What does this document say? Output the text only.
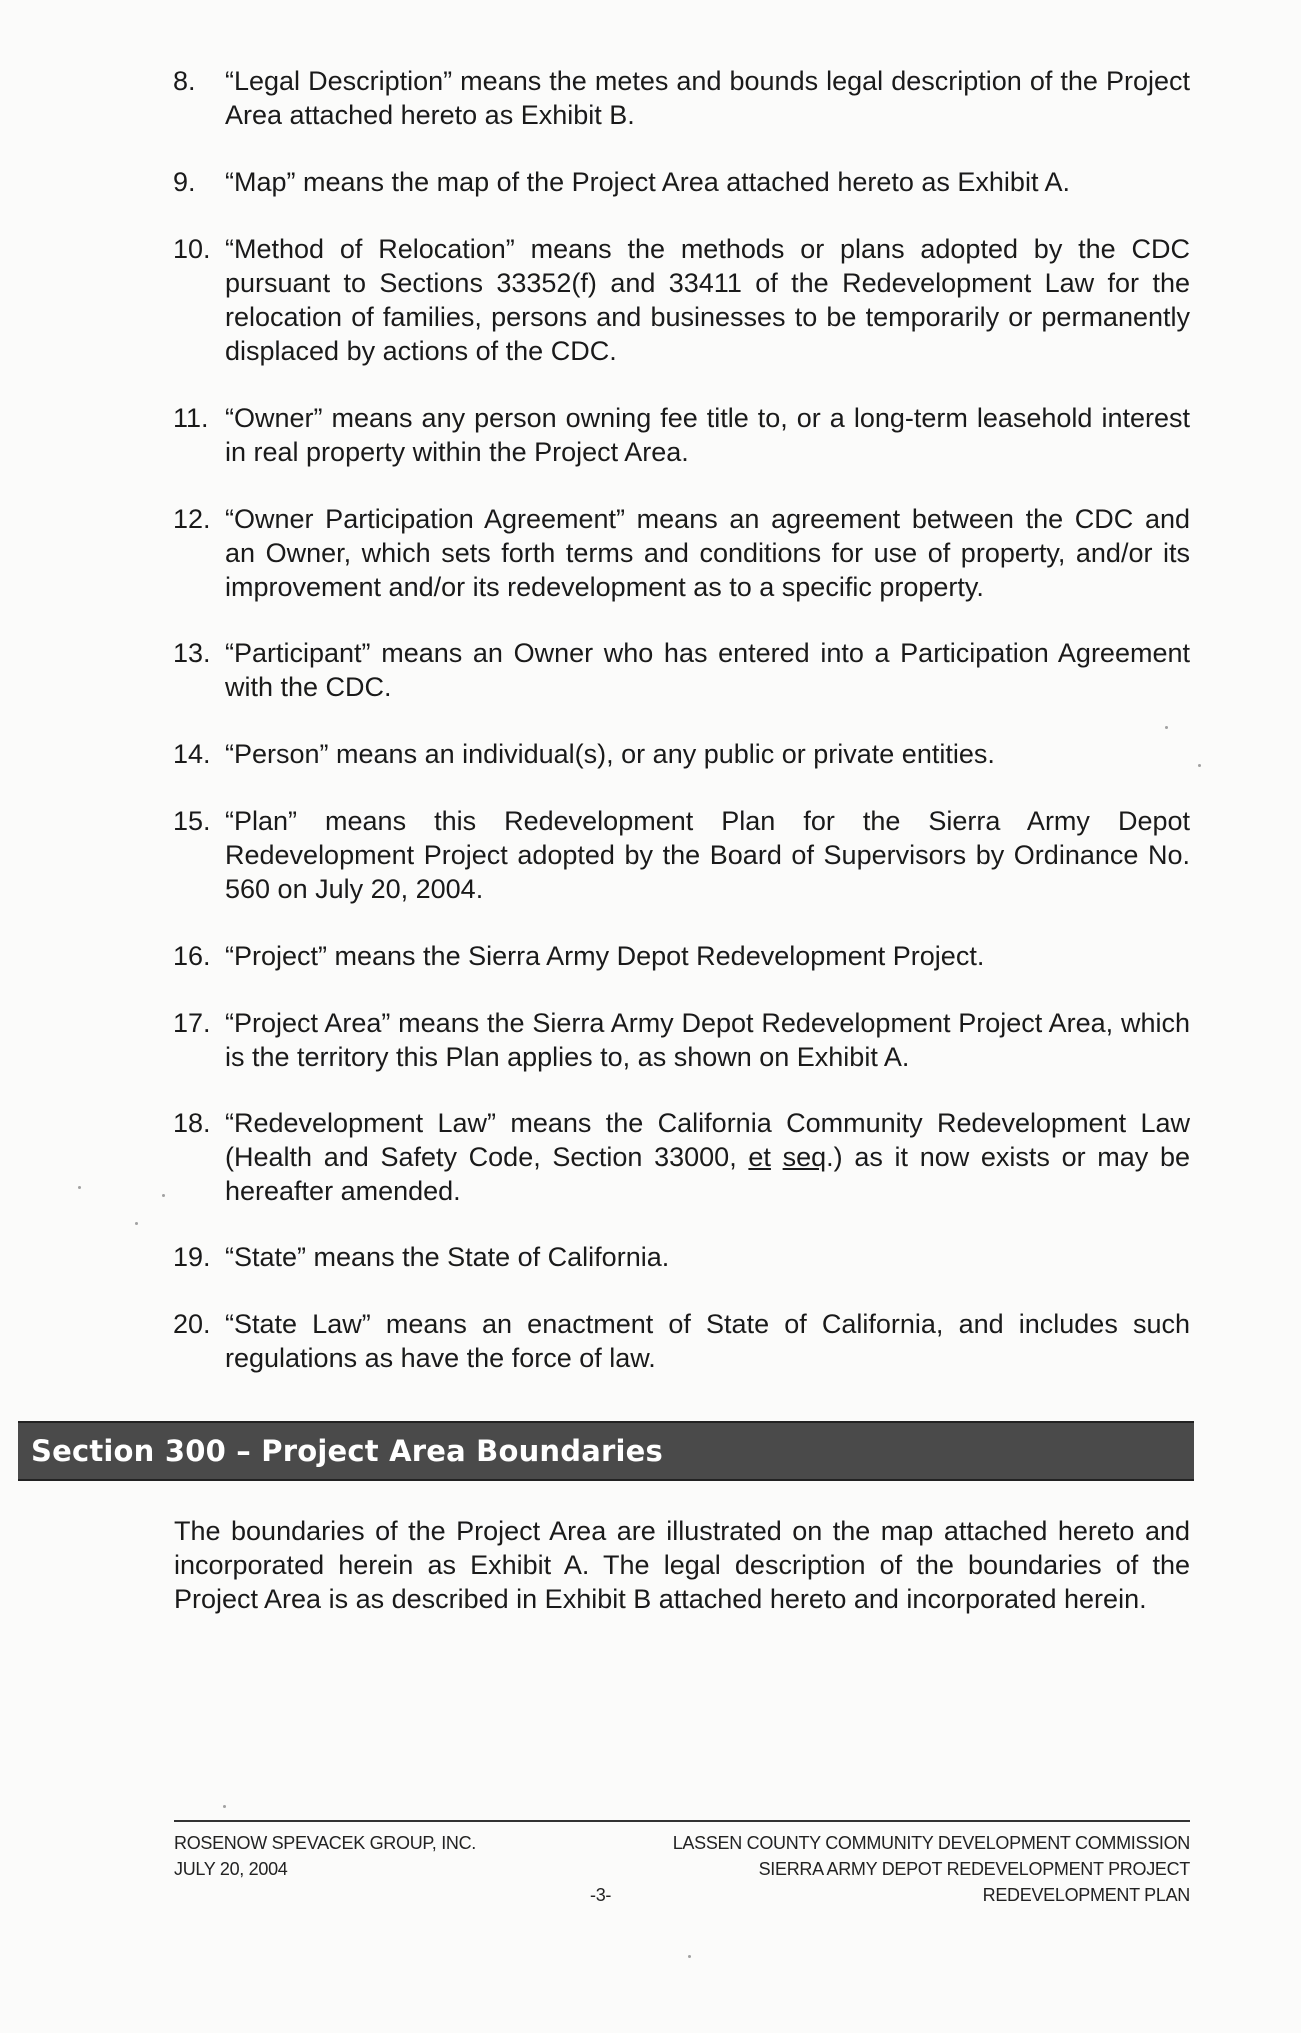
8. “Legal Description” means the metes and bounds legal description of the Project Area attached hereto as Exhibit B.
9. “Map” means the map of the Project Area attached hereto as Exhibit A.
10. “Method of Relocation” means the methods or plans adopted by the CDC pursuant to Sections 33352(f) and 33411 of the Redevelopment Law for the relocation of families, persons and businesses to be temporarily or permanently displaced by actions of the CDC.
11. “Owner” means any person owning fee title to, or a long-term leasehold interest in real property within the Project Area.
12. “Owner Participation Agreement” means an agreement between the CDC and an Owner, which sets forth terms and conditions for use of property, and/or its improvement and/or its redevelopment as to a specific property.
13. “Participant” means an Owner who has entered into a Participation Agreement with the CDC.
14. “Person” means an individual(s), or any public or private entities.
15. “Plan” means this Redevelopment Plan for the Sierra Army Depot Redevelopment Project adopted by the Board of Supervisors by Ordinance No. 560 on July 20, 2004.
16. “Project” means the Sierra Army Depot Redevelopment Project.
17. “Project Area” means the Sierra Army Depot Redevelopment Project Area, which is the territory this Plan applies to, as shown on Exhibit A.
18. “Redevelopment Law” means the California Community Redevelopment Law (Health and Safety Code, Section 33000, et seq.) as it now exists or may be hereafter amended.
19. “State” means the State of California.
20. “State Law” means an enactment of State of California, and includes such regulations as have the force of law.
Section 300 – Project Area Boundaries
The boundaries of the Project Area are illustrated on the map attached hereto and incorporated herein as Exhibit A. The legal description of the boundaries of the Project Area is as described in Exhibit B attached hereto and incorporated herein.
ROSENOW SPEVACEK GROUP, INC.
JULY 20, 2004
LASSEN COUNTY COMMUNITY DEVELOPMENT COMMISSION
SIERRA ARMY DEPOT REDEVELOPMENT PROJECT
REDEVELOPMENT PLAN
-3-
